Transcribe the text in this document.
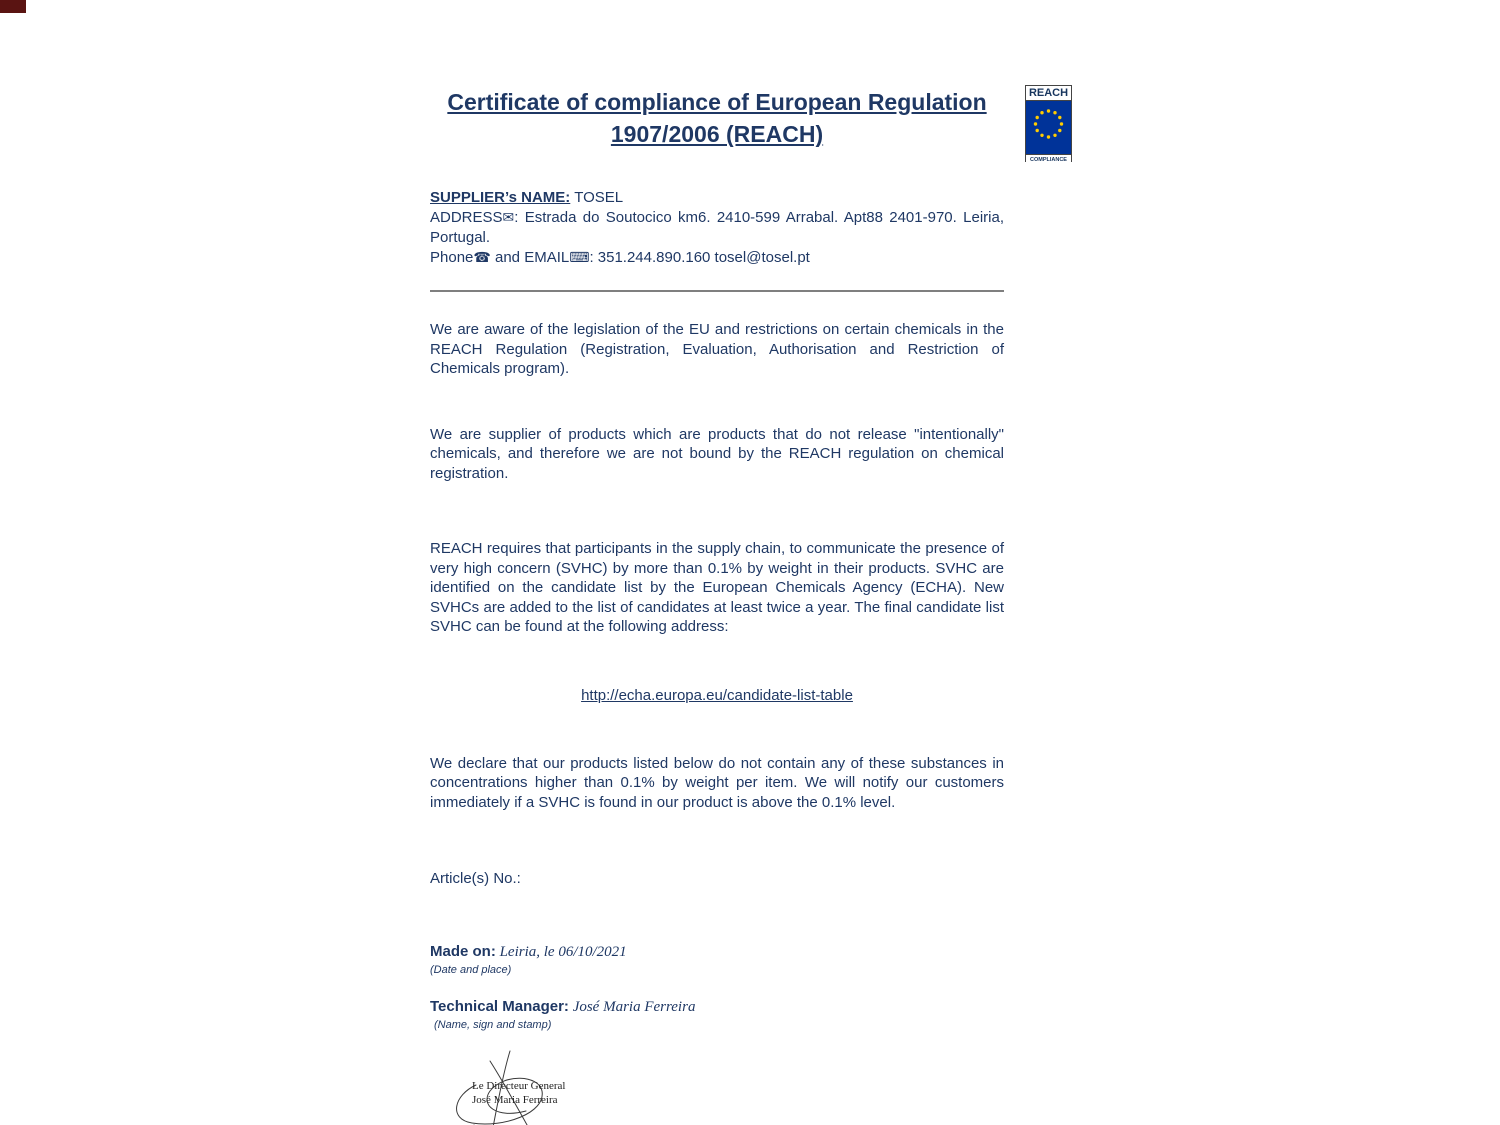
REACH
COMPLIANCE
Certificate of compliance of European Regulation
1907/2006 (REACH)
SUPPLIER’s NAME: TOSEL
ADDRESS✉: Estrada do Soutocico km6. 2410-599 Arrabal. Apt88 2401-970. Leiria, Portugal.
Phone☎ and EMAIL⌨: 351.244.890.160 tosel@tosel.pt

We are aware of the legislation of the EU and restrictions on certain chemicals in the REACH Regulation (Registration, Evaluation, Authorisation and Restriction of Chemicals program).

We are supplier of products which are products that do not release "intentionally" chemicals, and therefore we are not bound by the REACH regulation on chemical registration.

REACH requires that participants in the supply chain, to communicate the presence of very high concern (SVHC) by more than 0.1% by weight in their products. SVHC are identified on the candidate list by the European Chemicals Agency (ECHA). New SVHCs are added to the list of candidates at least twice a year. The final candidate list SVHC can be found at the following address:

http://echa.europa.eu/candidate-list-table

We declare that our products listed below do not contain any of these substances in concentrations higher than 0.1% by weight per item. We will notify our customers immediately if a SVHC is found in our product is above the 0.1% level.

Article(s) No.:
Made on: Leiria, le 06/10/2021
(Date and place)
Technical Manager: José Maria Ferreira
(Name, sign and stamp)
Le Directeur General
José Maria Ferreira
